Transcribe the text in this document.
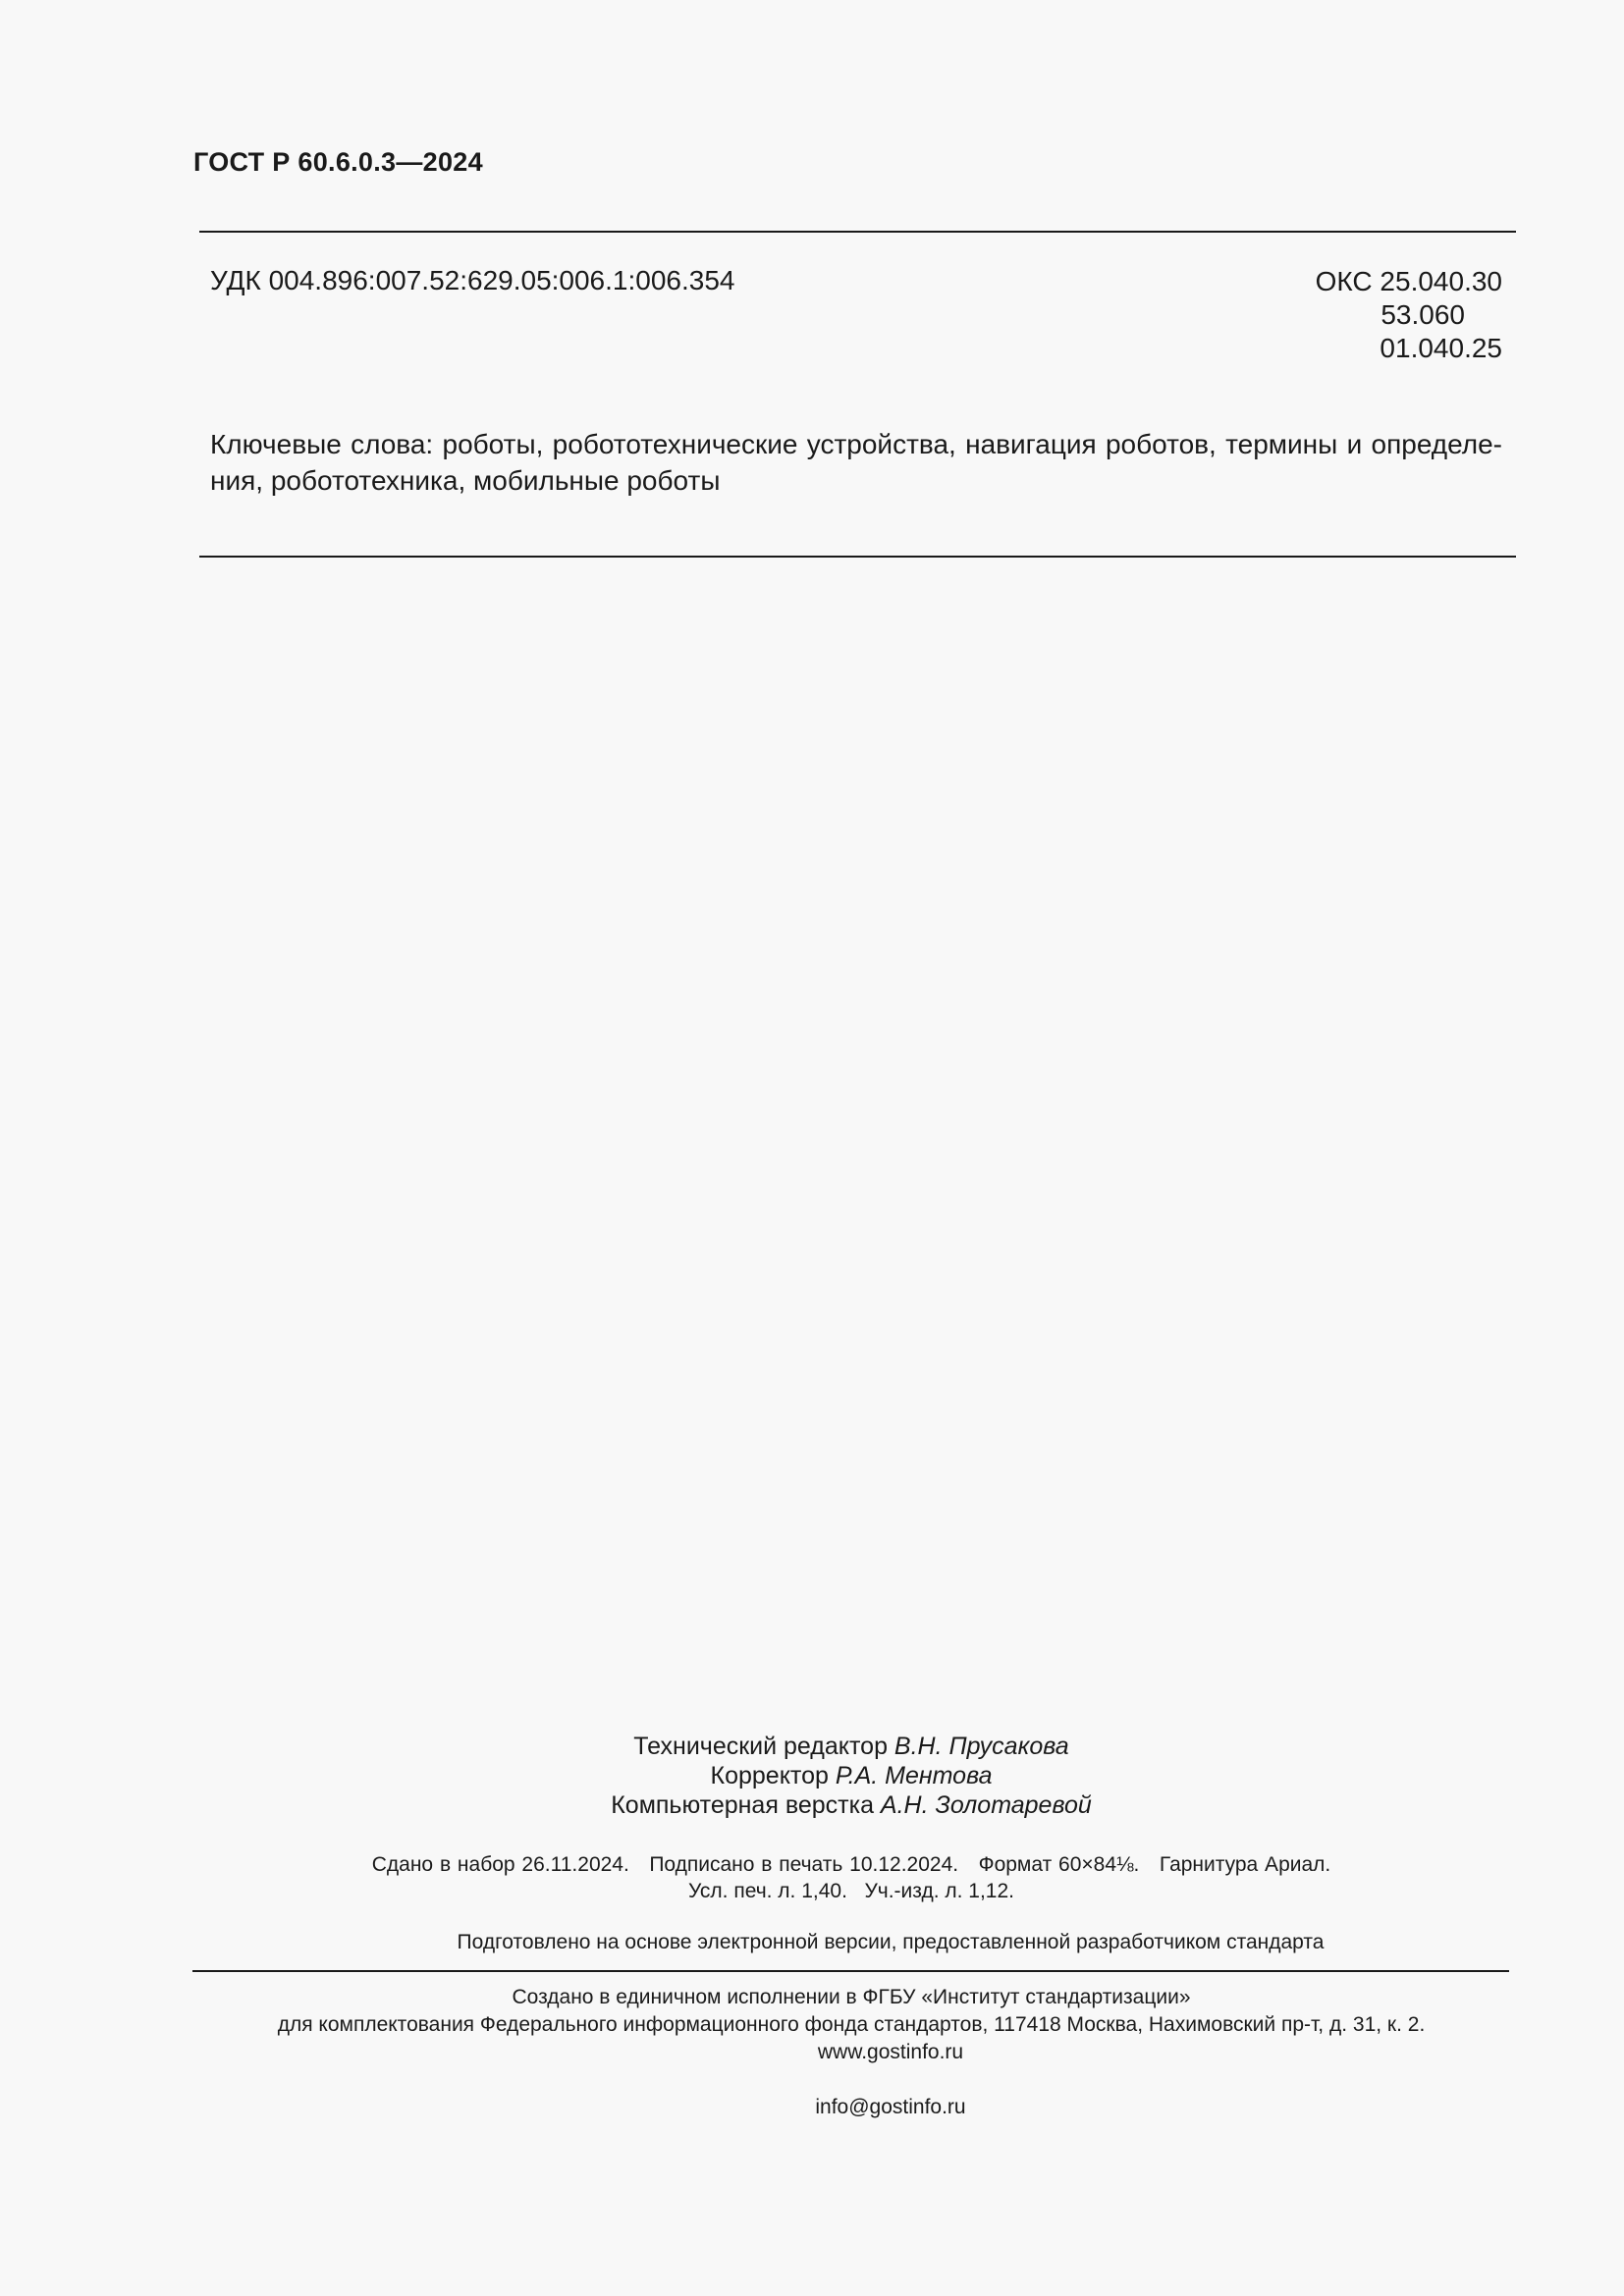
ГОСТ Р 60.6.0.3—2024
УДК 004.896:007.52:629.05:006.1:006.354	ОКС 25.040.30
53.060
01.040.25
Ключевые слова: роботы, робототехнические устройства, навигация роботов, термины и определе-ния, робототехника, мобильные роботы
Технический редактор В.Н. Прусакова
Корректор Р.А. Ментова
Компьютерная верстка А.Н. Золотаревой
Сдано в набор 26.11.2024.   Подписано в печать 10.12.2024.   Формат 60×84⅛.   Гарнитура Ариал.
Усл. печ. л. 1,40.   Уч.-изд. л. 1,12.
Подготовлено на основе электронной версии, предоставленной разработчиком стандарта
Создано в единичном исполнении в ФГБУ «Институт стандартизации»
для комплектования Федерального информационного фонда стандартов, 117418 Москва, Нахимовский пр-т, д. 31, к. 2.
www.gostinfo.ru

info@gostinfo.ru
